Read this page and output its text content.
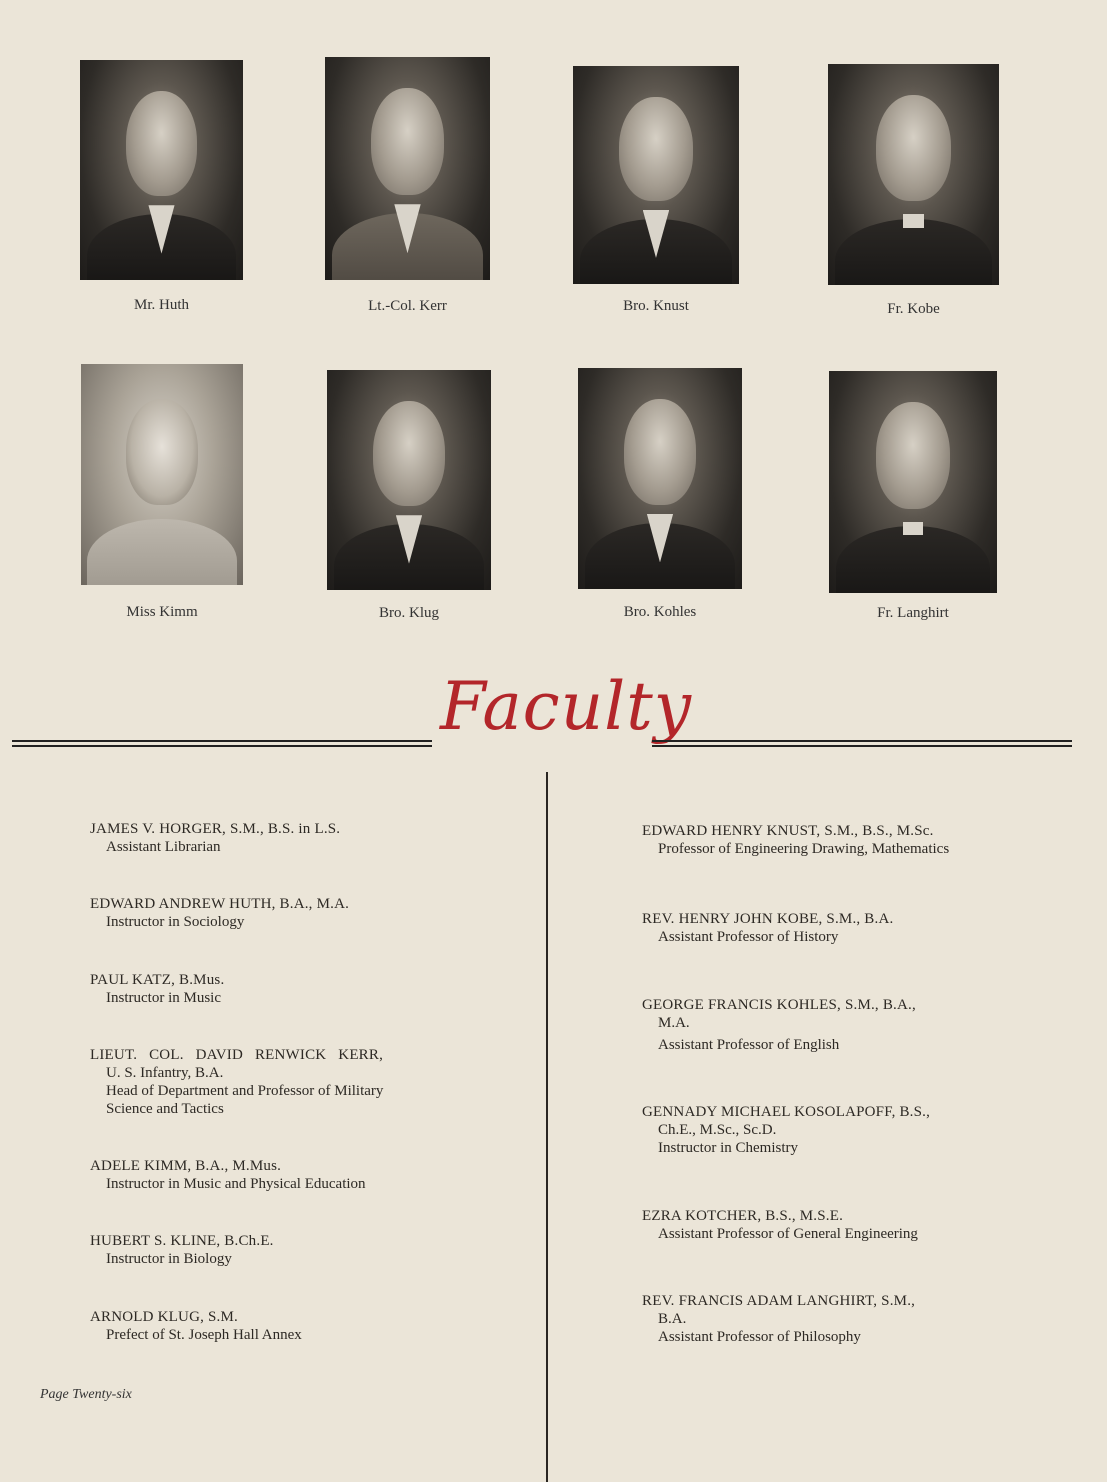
Mr. Huth	Lt.-Col. Kerr	Bro. Knust	Fr. Kobe
Miss Kimm	Bro. Klug	Bro. Kohles	Fr. Langhirt
Faculty
JAMES V. HORGER, S.M., B.S. in L.S.
Assistant Librarian
EDWARD ANDREW HUTH, B.A., M.A.
Instructor in Sociology
PAUL KATZ, B.Mus.
Instructor in Music
LIEUT. COL. DAVID RENWICK KERR,
U. S. Infantry, B.A.
Head of Department and Professor of Military
Science and Tactics
ADELE KIMM, B.A., M.Mus.
Instructor in Music and Physical Education
HUBERT S. KLINE, B.Ch.E.
Instructor in Biology
ARNOLD KLUG, S.M.
Prefect of St. Joseph Hall Annex
EDWARD HENRY KNUST, S.M., B.S., M.Sc.
Professor of Engineering Drawing, Mathematics
REV. HENRY JOHN KOBE, S.M., B.A.
Assistant Professor of History
GEORGE FRANCIS KOHLES, S.M., B.A.,
M.A.
Assistant Professor of English
GENNADY MICHAEL KOSOLAPOFF, B.S.,
Ch.E., M.Sc., Sc.D.
Instructor in Chemistry
EZRA KOTCHER, B.S., M.S.E.
Assistant Professor of General Engineering
REV. FRANCIS ADAM LANGHIRT, S.M.,
B.A.
Assistant Professor of Philosophy
Page Twenty-six
